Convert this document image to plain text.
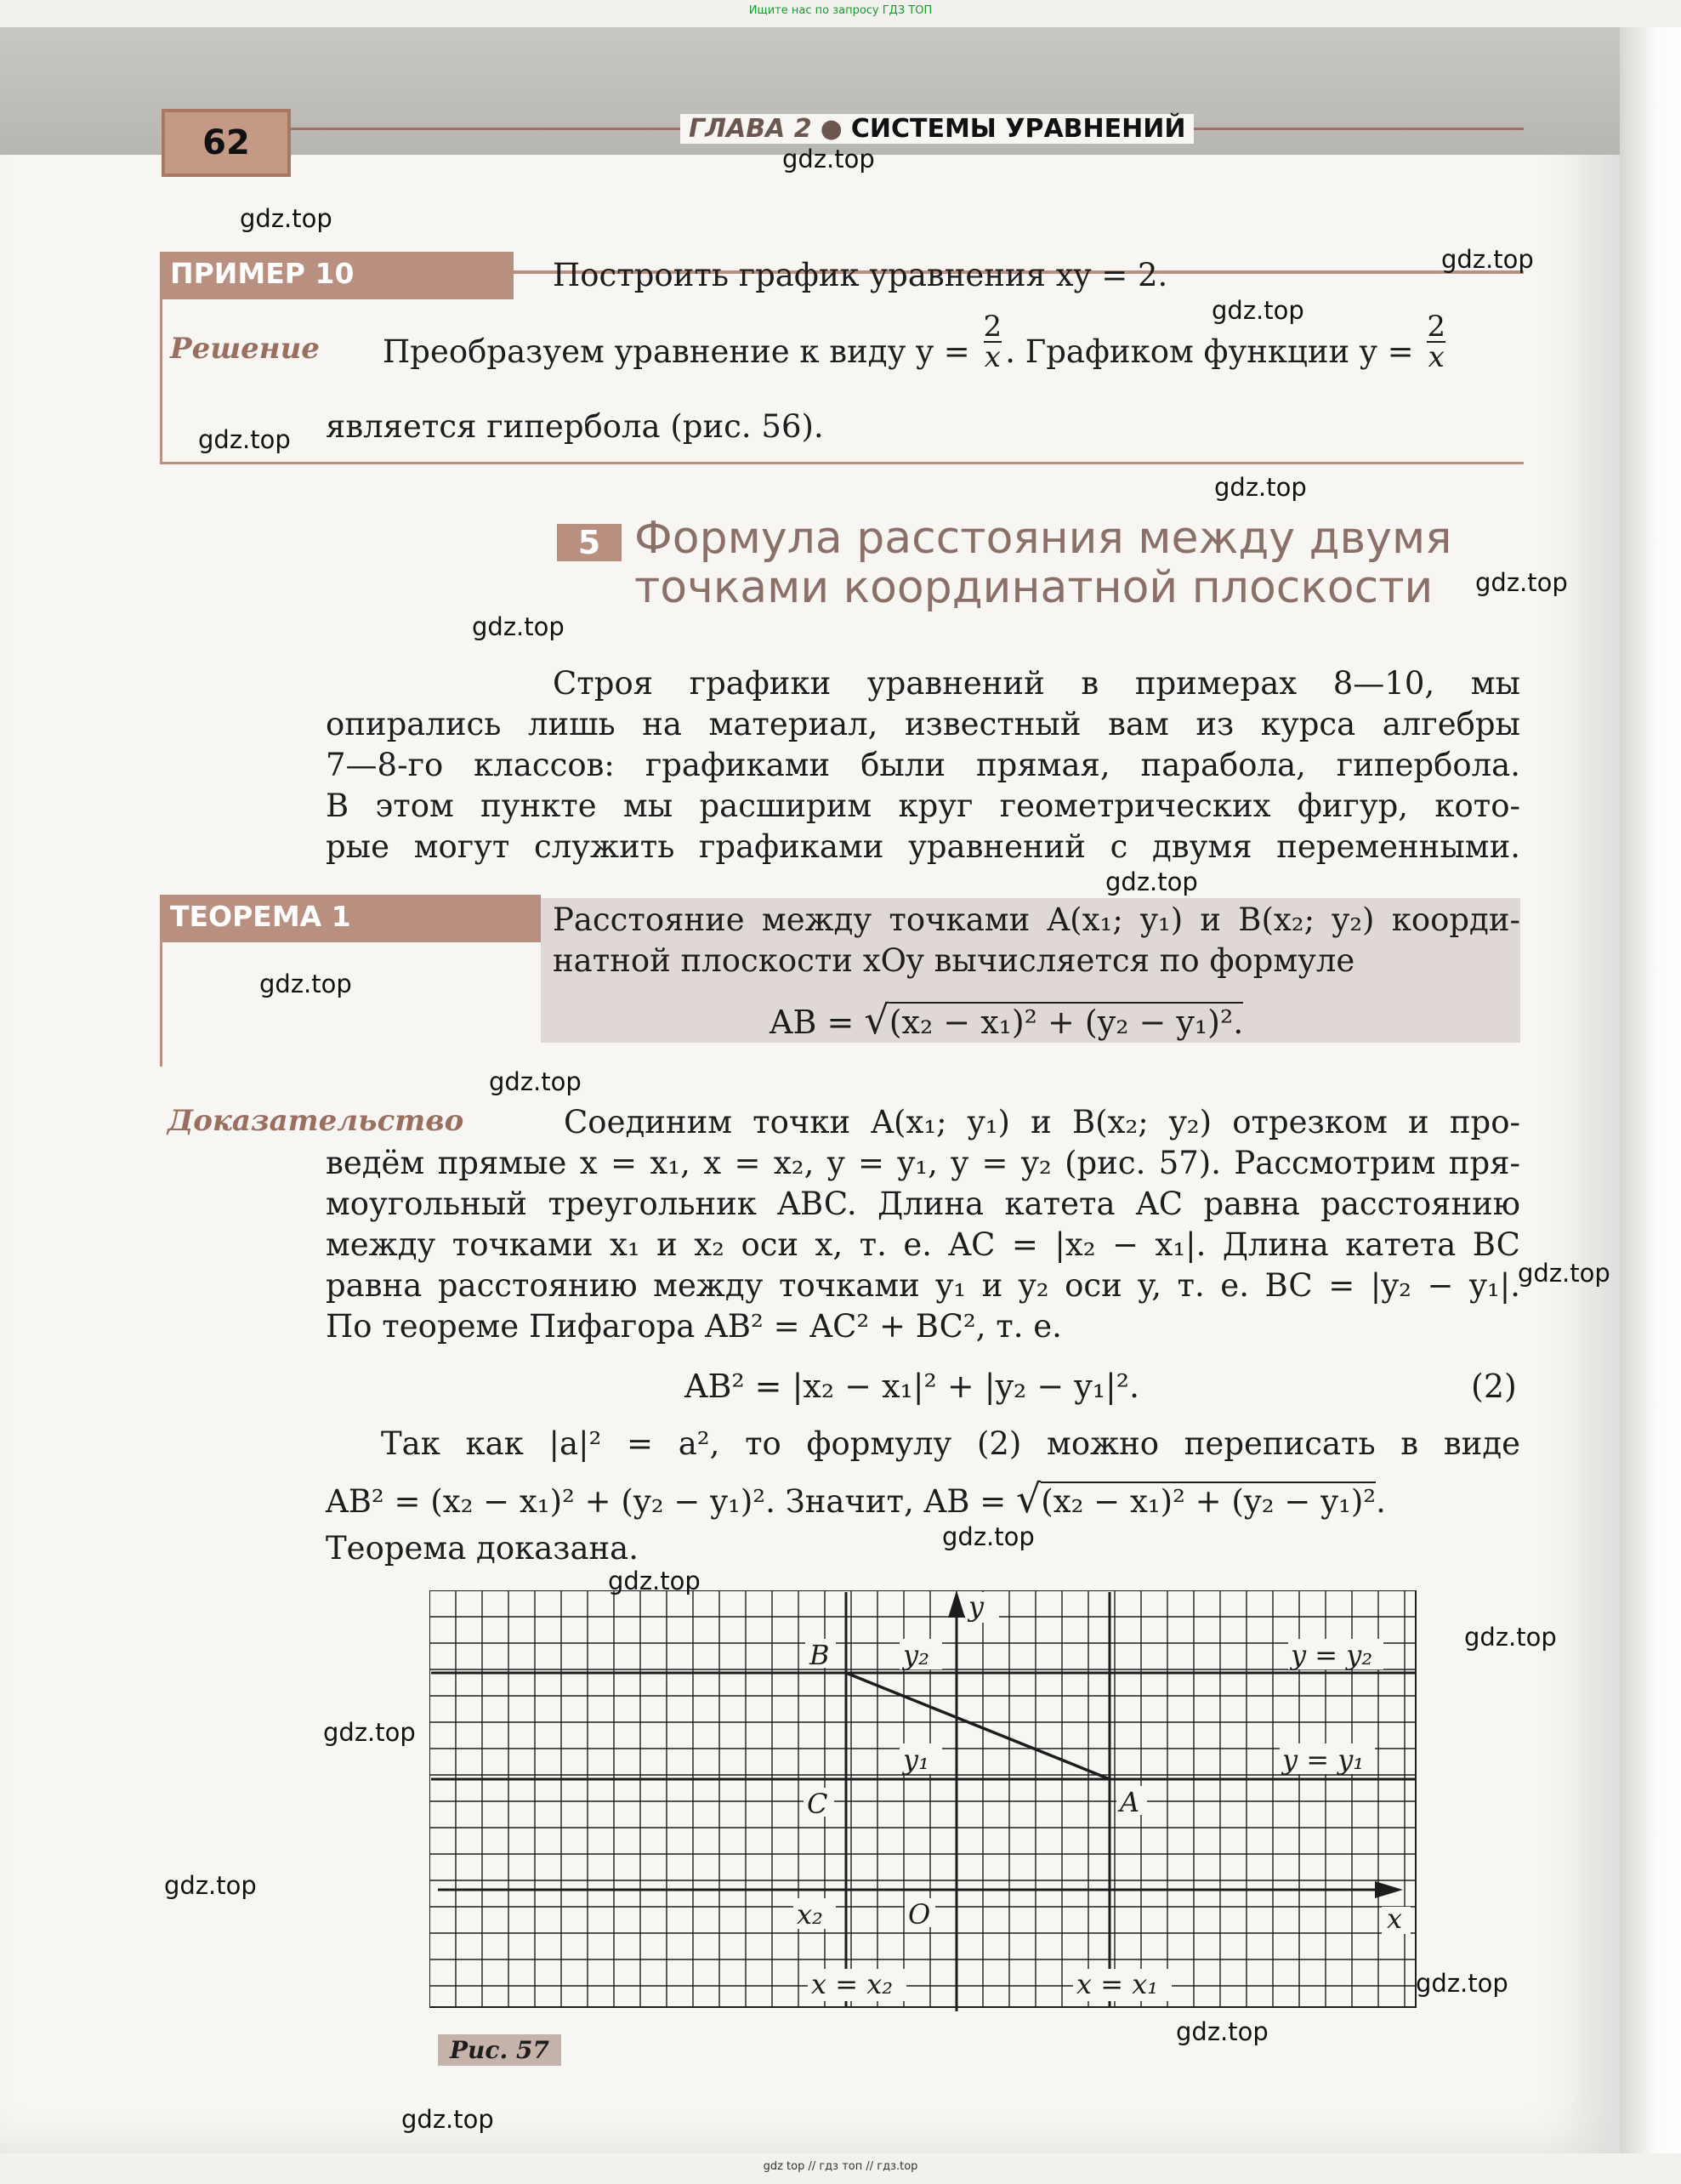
Ищите нас по запросу ГДЗ ТОП
gdz top // гдз топ // гдз.top
62	ГЛАВА 2 ● СИСТЕМЫ УРАВНЕНИЙ
ПРИМЕР 10	Построить график уравнения xy = 2.
Решение Преобразуем уравнение к виду $y = \frac{2}{x}$ . Графиком функции $y = \frac{2}{x}$
является гипербола (рис. 56).
5 Формула расстояния между двумя
точками координатной плоскости
Строя графики уравнений в примерах 8—10, мы
опирались лишь на материал, известный вам из курса алгебры
7—8-го классов: графиками были прямая, парабола, гипербола.
В этом пункте мы расширим круг геометрических фигур, кото-
рые могут служить графиками уравнений с двумя переменными.
ТЕОРЕМА 1	Расстояние между точками A(x₁; y₁) и B(x₂; y₂) коорди-
натной плоскости xOy вычисляется по формуле
AB = √(x₂ − x₁)² + (y₂ − y₁)².
Доказательство	Соединим точки A(x₁; y₁) и B(x₂; y₂) отрезком и про-
ведём прямые x = x₁, x = x₂, y = y₁, y = y₂ (рис. 57). Рассмотрим пря-
моугольный треугольник ABC. Длина катета AC равна расстоянию
между точками x₁ и x₂ оси x, т. е. AC = |x₂ − x₁|. Длина катета BC
равна расстоянию между точками y₁ и y₂ оси y, т. е. BC = |y₂ − y₁|.
По теореме Пифагора AB² = AC² + BC², т. е.
AB² = |x₂ − x₁|² + |y₂ − y₁|².	(2)
Так как |a|² = a², то формулу (2) можно переписать в виде
AB² = (x₂ − x₁)² + (y₂ − y₁)². Значит, AB = √(x₂ − x₁)² + (y₂ − y₁)².
Теорема доказана.
y
x
O
B
A
C
y₂
y₁
x₂
y = y₂
y = y₁
x = x₂	x = x₁
Рис. 57
gdz.top
gdz.top
gdz.top
gdz.top
gdz.top
gdz.top
gdz.top
gdz.top
gdz.top
gdz.top
gdz.top
gdz.top
gdz.top
gdz.top
gdz.top
gdz.top
gdz.top
gdz.top
gdz.top
gdz.top
